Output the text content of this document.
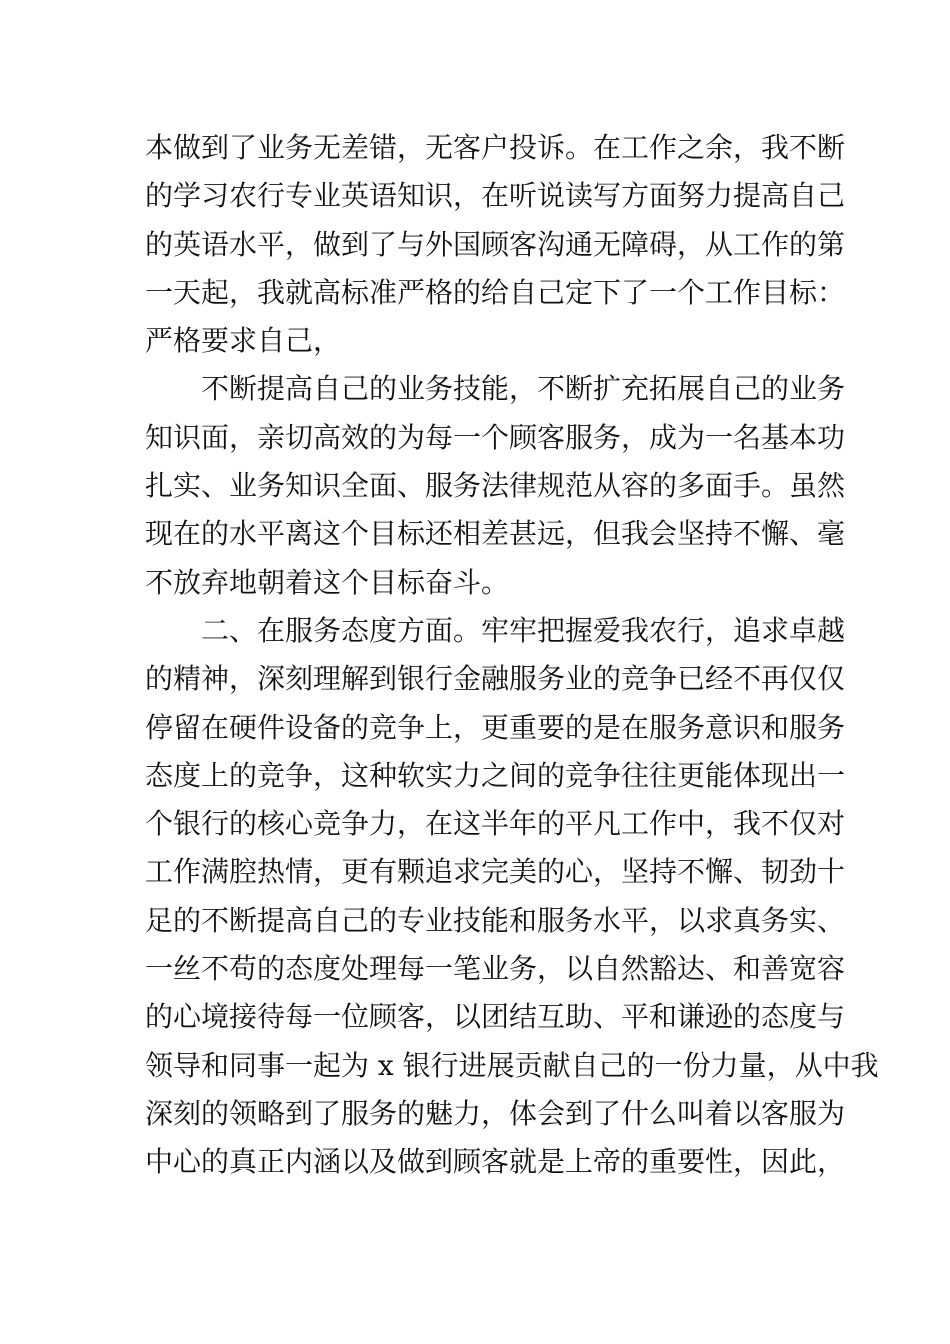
本做到了业务无差错，无客户投诉。在工作之余，我不断
的学习农行专业英语知识，在听说读写方面努力提高自己
的英语水平，做到了与外国顾客沟通无障碍，从工作的第
一天起，我就高标准严格的给自己定下了一个工作目标：
严格要求自己，
不断提高自己的业务技能，不断扩充拓展自己的业务
知识面，亲切高效的为每一个顾客服务，成为一名基本功
扎实、业务知识全面、服务法律规范从容的多面手。虽然
现在的水平离这个目标还相差甚远，但我会坚持不懈、毫
不放弃地朝着这个目标奋斗。
二、在服务态度方面。牢牢把握爱我农行，追求卓越
的精神，深刻理解到银行金融服务业的竞争已经不再仅仅
停留在硬件设备的竞争上，更重要的是在服务意识和服务
态度上的竞争，这种软实力之间的竞争往往更能体现出一
个银行的核心竞争力，在这半年的平凡工作中，我不仅对
工作满腔热情，更有颗追求完美的心，坚持不懈、韧劲十
足的不断提高自己的专业技能和服务水平，以求真务实、
一丝不苟的态度处理每一笔业务，以自然豁达、和善宽容
的心境接待每一位顾客，以团结互助、平和谦逊的态度与
领导和同事一起为 x 银行进展贡献自己的一份力量，从中我
深刻的领略到了服务的魅力，体会到了什么叫着以客服为
中心的真正内涵以及做到顾客就是上帝的重要性，因此，
